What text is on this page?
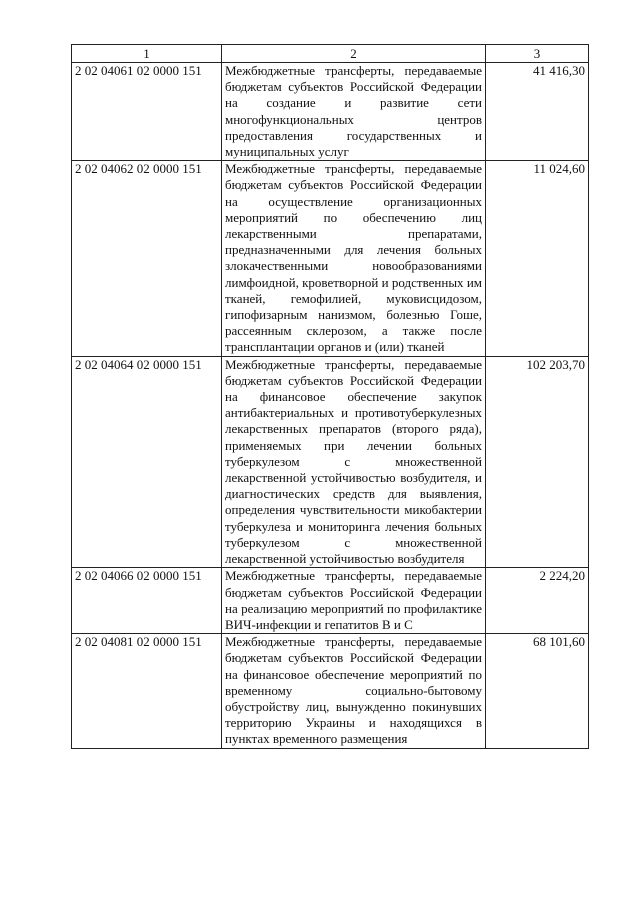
1	2	3
2 02 04061 02 0000 151	Межбюджетные трансферты, передаваемые бюджетам субъектов Российской Федерации на создание и развитие сети многофункциональных центров предоставления государственных и муниципальных услуг	41 416,30
2 02 04062 02 0000 151	Межбюджетные трансферты, передаваемые бюджетам субъектов Российской Федерации на осуществление организационных мероприятий по обеспечению лиц лекарственными препаратами, предназначенными для лечения больных злокачественными новообразованиями лимфоидной, кроветворной и родственных им тканей, гемофилией, муковисцидозом, гипофизарным нанизмом, болезнью Гоше, рассеянным склерозом, а также после трансплантации органов и (или) тканей	11 024,60
2 02 04064 02 0000 151	Межбюджетные трансферты, передаваемые бюджетам субъектов Российской Федерации на финансовое обеспечение закупок антибактериальных и противотуберкулезных лекарственных препаратов (второго ряда), применяемых при лечении больных туберкулезом с множественной лекарственной устойчивостью возбудителя, и диагностических средств для выявления, определения чувствительности микобактерии туберкулеза и мониторинга лечения больных туберкулезом с множественной лекарственной устойчивостью возбудителя	102 203,70
2 02 04066 02 0000 151	Межбюджетные трансферты, передаваемые бюджетам субъектов Российской Федерации на реализацию мероприятий по профилактике ВИЧ-инфекции и гепатитов B и C	2 224,20
2 02 04081 02 0000 151	Межбюджетные трансферты, передаваемые бюджетам субъектов Российской Федерации на финансовое обеспечение мероприятий по временному социально-бытовому обустройству лиц, вынужденно покинувших территорию Украины и находящихся в пунктах временного размещения	68 101,60
